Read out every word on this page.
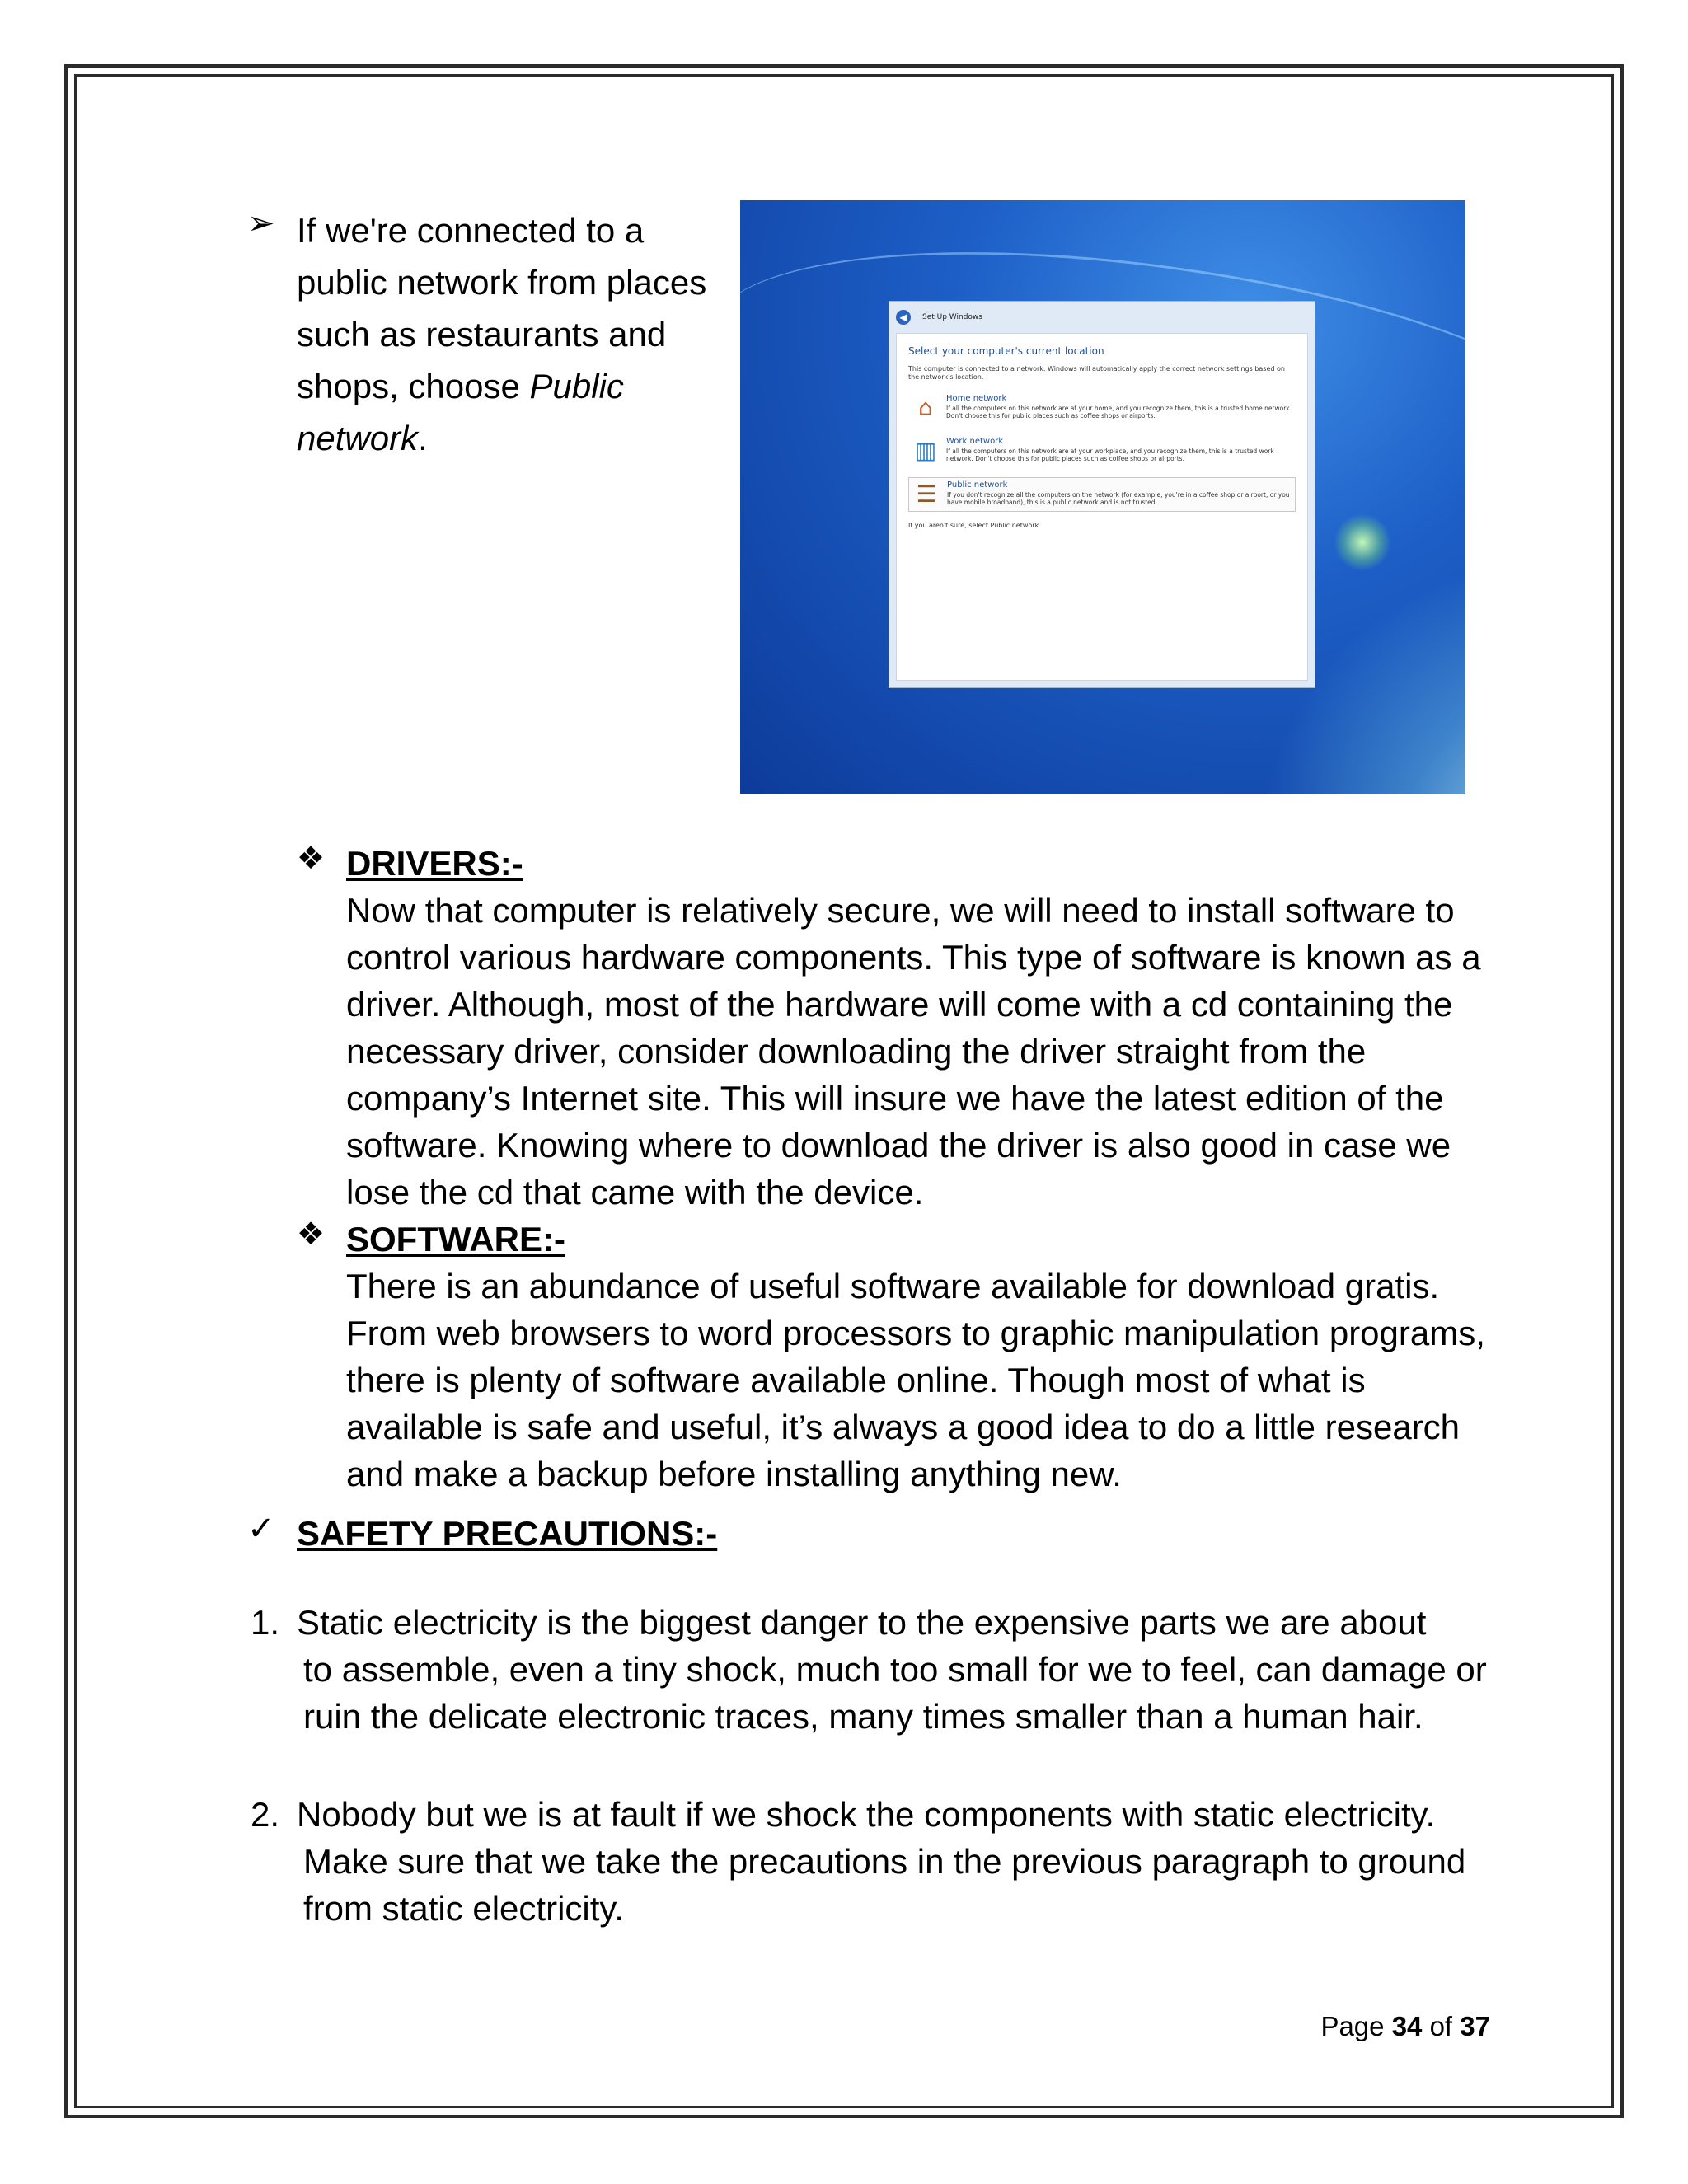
➢ If we're connected to a public network from places such as restaurants and shops, choose Public network.
◀	Set Up Windows
Select your computer's current location
This computer is connected to a network. Windows will automatically apply the correct network settings based on the network's location.
⌂	Home network
If all the computers on this network are at your home, and you recognize them, this is a trusted home network. Don't choose this for public places such as coffee shops or airports.
▥	Work network
If all the computers on this network are at your workplace, and you recognize them, this is a trusted work network. Don't choose this for public places such as coffee shops or airports.
☰	Public network
If you don't recognize all the computers on the network (for example, you're in a coffee shop or airport, or you have mobile broadband), this is a public network and is not trusted.
If you aren't sure, select Public network.
❖ DRIVERS:-
Now that computer is relatively secure, we will need to install software to control various hardware components. This type of software is known as a driver. Although, most of the hardware will come with a cd containing the necessary driver, consider downloading the driver straight from the company’s Internet site. This will insure we have the latest edition of the software. Knowing where to download the driver is also good in case we lose the cd that came with the device.
❖ SOFTWARE:-
There is an abundance of useful software available for download gratis. From web browsers to word processors to graphic manipulation programs, there is plenty of software available online. Though most of what is available is safe and useful, it’s always a good idea to do a little research and make a backup before installing anything new.
✓ SAFETY PRECAUTIONS:-
1. Static electricity is the biggest danger to the expensive parts we are about
to assemble, even a tiny shock, much too small for we to feel, can damage or ruin the delicate electronic traces, many times smaller than a human hair.
2. Nobody but we is at fault if we shock the components with static electricity.
Make sure that we take the precautions in the previous paragraph to ground from static electricity.
Page 34 of 37
